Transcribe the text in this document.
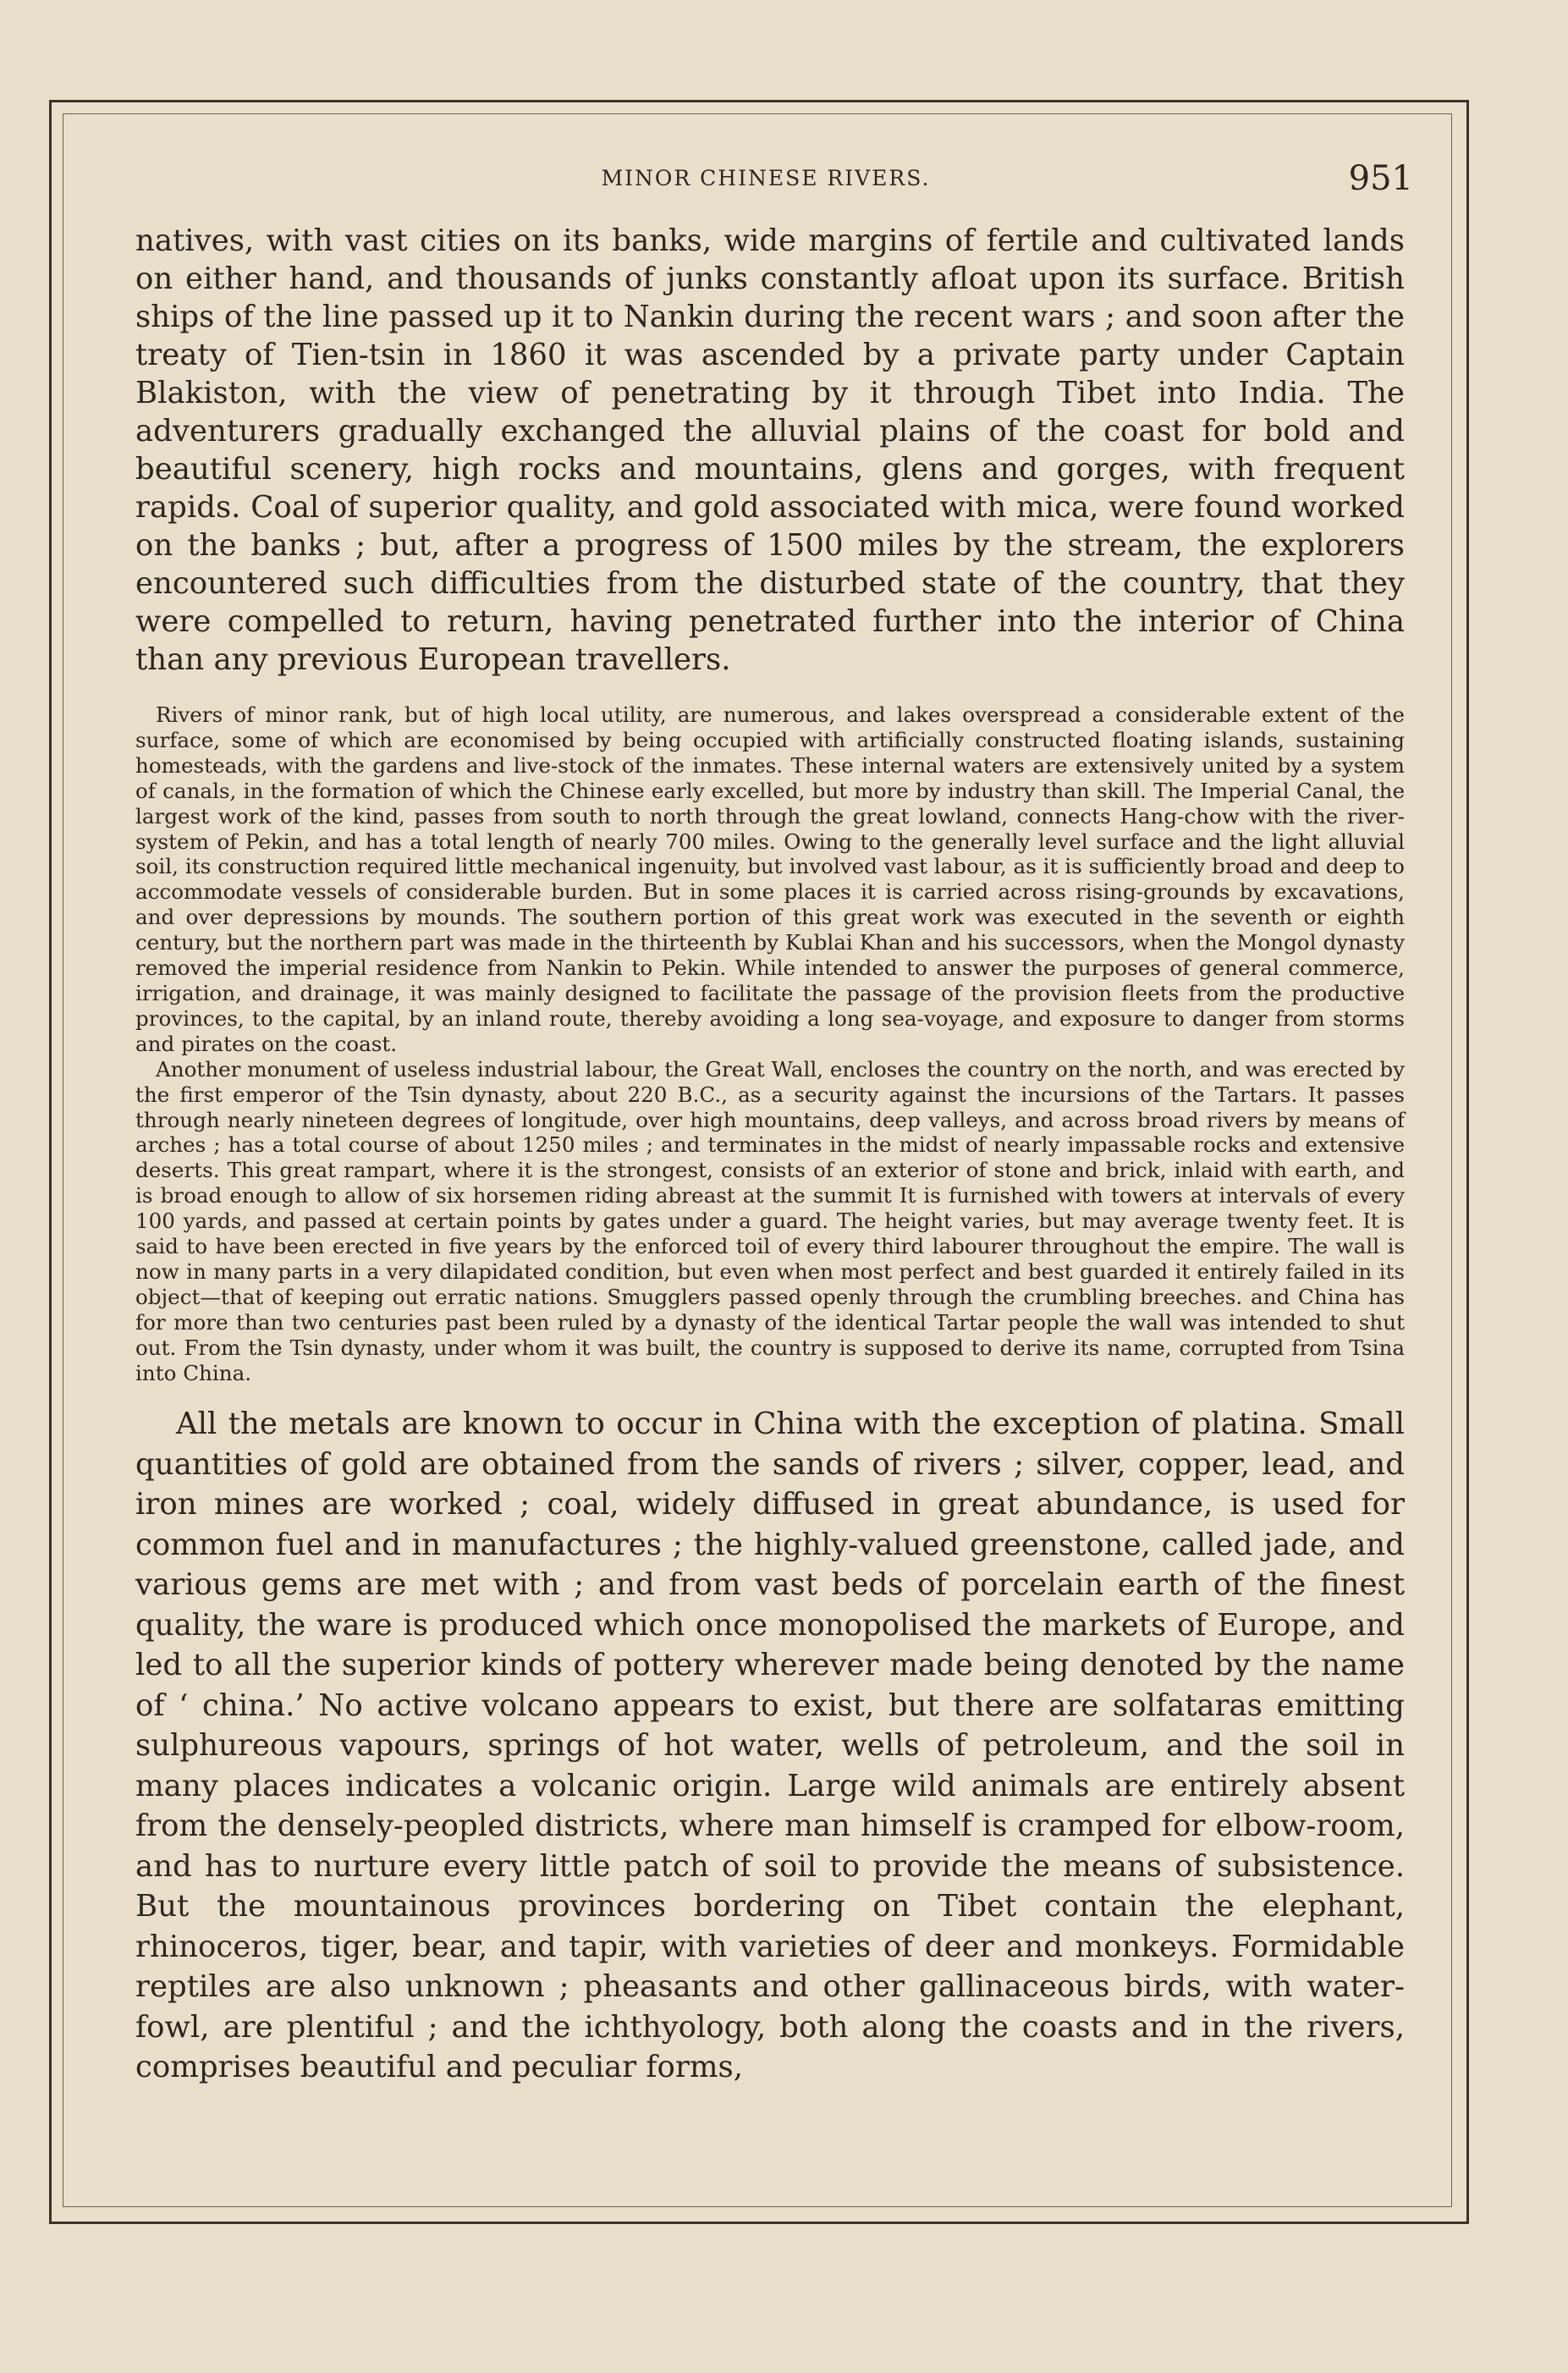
MINOR CHINESE RIVERS.	951

natives, with vast cities on its banks, wide margins of fertile and cultivated lands on either hand, and thousands of junks constantly afloat upon its surface. British ships of the line passed up it to Nankin during the recent wars ; and soon after the treaty of Tien-tsin in 1860 it was ascended by a private party under Captain Blakiston, with the view of penetrating by it through Tibet into India. The adventurers gradually exchanged the alluvial plains of the coast for bold and beautiful scenery, high rocks and mountains, glens and gorges, with frequent rapids. Coal of superior quality, and gold associated with mica, were found worked on the banks ; but, after a progress of 1500 miles by the stream, the explorers encountered such difficulties from the disturbed state of the country, that they were compelled to return, having penetrated further into the interior of China than any previous European travellers.

Rivers of minor rank, but of high local utility, are numerous, and lakes overspread a considerable extent of the surface, some of which are economised by being occupied with artificially constructed floating islands, sustaining homesteads, with the gardens and live-stock of the inmates. These internal waters are extensively united by a system of canals, in the formation of which the Chinese early excelled, but more by industry than skill. The Imperial Canal, the largest work of the kind, passes from south to north through the great lowland, connects Hang-chow with the river-system of Pekin, and has a total length of nearly 700 miles. Owing to the generally level surface and the light alluvial soil, its construction required little mechanical ingenuity, but involved vast labour, as it is sufficiently broad and deep to accommodate vessels of considerable burden. But in some places it is carried across rising-grounds by excavations, and over depressions by mounds. The southern portion of this great work was executed in the seventh or eighth century, but the northern part was made in the thirteenth by Kublai Khan and his successors, when the Mongol dynasty removed the imperial residence from Nankin to Pekin. While intended to answer the purposes of general commerce, irrigation, and drainage, it was mainly designed to facilitate the passage of the provision fleets from the productive provinces, to the capital, by an inland route, thereby avoiding a long sea-voyage, and exposure to danger from storms and pirates on the coast.

Another monument of useless industrial labour, the Great Wall, encloses the country on the north, and was erected by the first emperor of the Tsin dynasty, about 220 B.C., as a security against the incursions of the Tartars. It passes through nearly nineteen degrees of longitude, over high mountains, deep valleys, and across broad rivers by means of arches ; has a total course of about 1250 miles ; and terminates in the midst of nearly impassable rocks and extensive deserts. This great rampart, where it is the strongest, consists of an exterior of stone and brick, inlaid with earth, and is broad enough to allow of six horsemen riding abreast at the summit It is furnished with towers at intervals of every 100 yards, and passed at certain points by gates under a guard. The height varies, but may average twenty feet. It is said to have been erected in five years by the enforced toil of every third labourer throughout the empire. The wall is now in many parts in a very dilapidated condition, but even when most perfect and best guarded it entirely failed in its object—that of keeping out erratic nations. Smugglers passed openly through the crumbling breeches. and China has for more than two centuries past been ruled by a dynasty of the identical Tartar people the wall was intended to shut out. From the Tsin dynasty, under whom it was built, the country is supposed to derive its name, corrupted from Tsina into China.

All the metals are known to occur in China with the exception of platina. Small quantities of gold are obtained from the sands of rivers ; silver, copper, lead, and iron mines are worked ; coal, widely diffused in great abundance, is used for common fuel and in manufactures ; the highly-valued greenstone, called jade, and various gems are met with ; and from vast beds of porcelain earth of the finest quality, the ware is produced which once monopolised the markets of Europe, and led to all the superior kinds of pottery wherever made being denoted by the name of ‘ china.’ No active volcano appears to exist, but there are solfataras emitting sulphureous vapours, springs of hot water, wells of petroleum, and the soil in many places indicates a volcanic origin. Large wild animals are entirely absent from the densely-peopled districts, where man himself is cramped for elbow-room, and has to nurture every little patch of soil to provide the means of subsistence. But the mountainous provinces bordering on Tibet contain the elephant, rhinoceros, tiger, bear, and tapir, with varieties of deer and monkeys. Formidable reptiles are also unknown ; pheasants and other gallinaceous birds, with water-fowl, are plentiful ; and the ichthyology, both along the coasts and in the rivers, comprises beautiful and peculiar forms,
